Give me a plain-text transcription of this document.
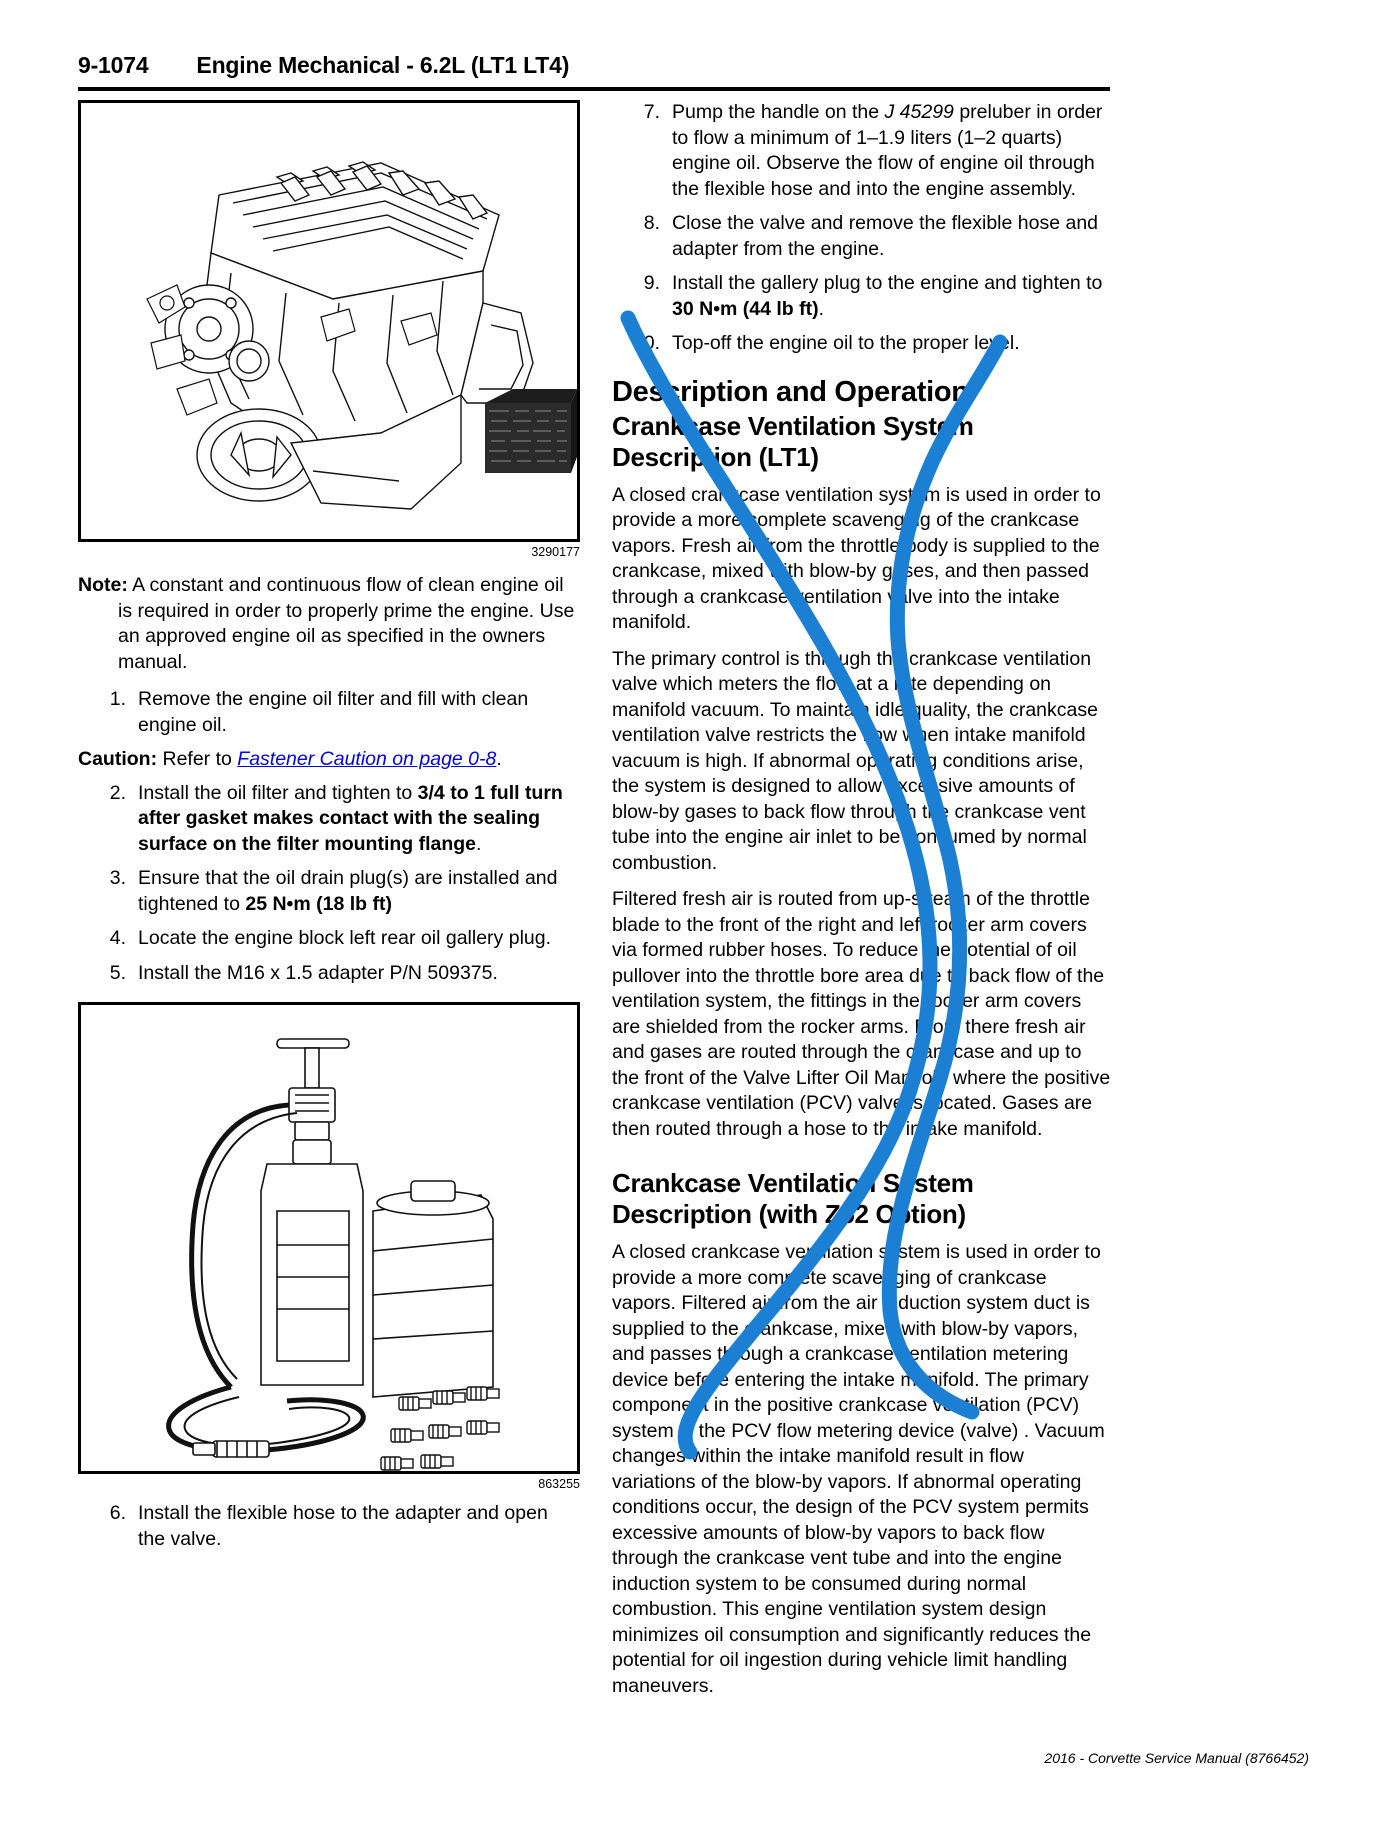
9-1074 Engine Mechanical - 6.2L (LT1 LT4)
3290177
Note: A constant and continuous flow of clean engine oil is required in order to properly prime the engine. Use an approved engine oil as specified in the owners manual.
1. Remove the engine oil filter and fill with clean engine oil.
Caution: Refer to Fastener Caution on page 0-8.
2. Install the oil filter and tighten to 3/4 to 1 full turn after gasket makes contact with the sealing surface on the filter mounting flange.
3. Ensure that the oil drain plug(s) are installed and tightened to 25 N•m (18 lb ft)
4. Locate the engine block left rear oil gallery plug.
5. Install the M16 x 1.5 adapter P/N 509375.
863255
6. Install the flexible hose to the adapter and open the valve.
7. Pump the handle on the J 45299 preluber in order to flow a minimum of 1–1.9 liters (1–2 quarts) engine oil. Observe the flow of engine oil through the flexible hose and into the engine assembly.
8. Close the valve and remove the flexible hose and adapter from the engine.
9. Install the gallery plug to the engine and tighten to 30 N•m (44 lb ft).
10. Top-off the engine oil to the proper level.
Description and Operation
Crankcase Ventilation System Description (LT1)

A closed crankcase ventilation system is used in order to provide a more complete scavenging of the crankcase vapors. Fresh air from the throttle body is supplied to the crankcase, mixed with blow-by gases, and then passed through a crankcase ventilation valve into the intake manifold.

The primary control is through the crankcase ventilation valve which meters the flow at a rate depending on manifold vacuum. To maintain idle quality, the crankcase ventilation valve restricts the flow when intake manifold vacuum is high. If abnormal operating conditions arise, the system is designed to allow excessive amounts of blow-by gases to back flow through the crankcase vent tube into the engine air inlet to be consumed by normal combustion.

Filtered fresh air is routed from up-stream of the throttle blade to the front of the right and left rocker arm covers via formed rubber hoses. To reduce the potential of oil pullover into the throttle bore area due to back flow of the ventilation system, the fittings in the rocker arm covers are shielded from the rocker arms. From there fresh air and gases are routed through the crankcase and up to the front of the Valve Lifter Oil Manifold where the positive crankcase ventilation (PCV) valve is located. Gases are then routed through a hose to the intake manifold.

Crankcase Ventilation System Description (with Z52 Option)

A closed crankcase ventilation system is used in order to provide a more complete scavenging of crankcase vapors. Filtered air from the air induction system duct is supplied to the crankcase, mixed with blow-by vapors, and passes through a crankcase ventilation metering device before entering the intake manifold. The primary component in the positive crankcase ventilation (PCV) system is the PCV flow metering device (valve) . Vacuum changes within the intake manifold result in flow variations of the blow-by vapors. If abnormal operating conditions occur, the design of the PCV system permits excessive amounts of blow-by vapors to back flow through the crankcase vent tube and into the engine induction system to be consumed during normal combustion. This engine ventilation system design minimizes oil consumption and significantly reduces the potential for oil ingestion during vehicle limit handling maneuvers.

2016 - Corvette Service Manual (8766452)
